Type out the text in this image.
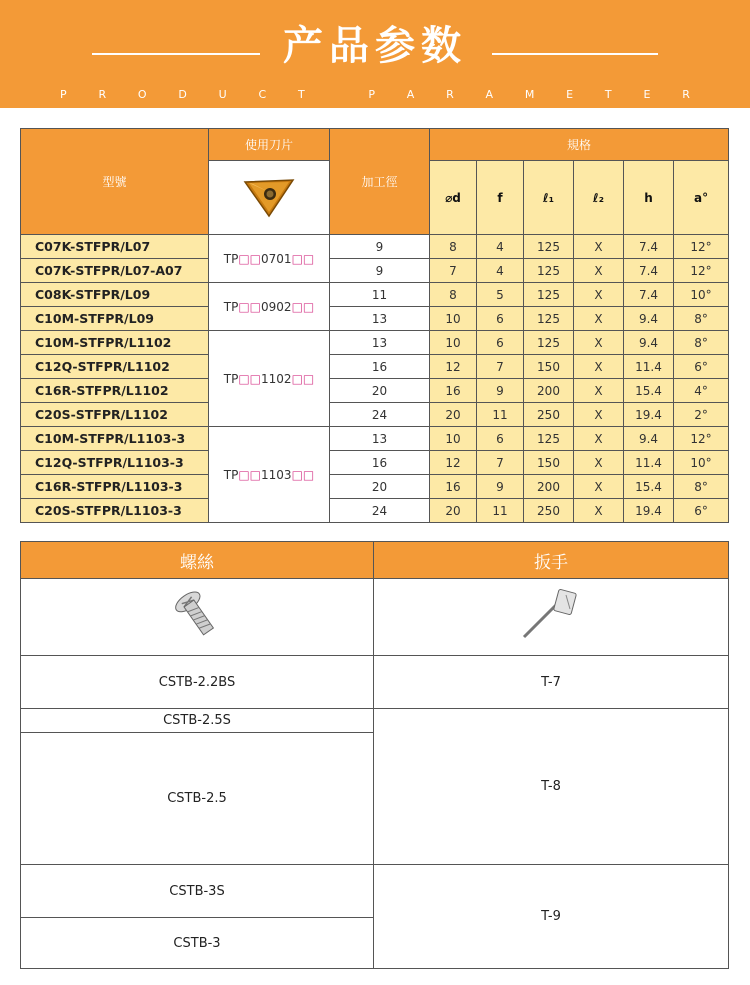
产品参数
P	R	O	D	U	C	T	P	A	R	A	M	E	T	E	R
型號	使用刀片	加工徑	規格					
	⌀d	f	ℓ₁	ℓ₂	h	a°
C07K-STFPR/L07	TP□□0701□□	9	8	4	125	X	7.4	12°
C07K-STFPR/L07-A07		9	7	4	125	X	7.4	12°
C08K-STFPR/L09	TP□□0902□□	11	8	5	125	X	7.4	10°
C10M-STFPR/L09		13	10	6	125	X	9.4	8°
C10M-STFPR/L1102	TP□□1102□□	13	10	6	125	X	9.4	8°
C12Q-STFPR/L1102		16	12	7	150	X	11.4	6°
C16R-STFPR/L1102		20	16	9	200	X	15.4	4°
C20S-STFPR/L1102		24	20	11	250	X	19.4	2°
C10M-STFPR/L1103-3	TP□□1103□□	13	10	6	125	X	9.4	12°
C12Q-STFPR/L1103-3		16	12	7	150	X	11.4	10°
C16R-STFPR/L1103-3		20	16	9	200	X	15.4	8°
C20S-STFPR/L1103-3		24	20	11	250	X	19.4	6°
螺絲	扳手

CSTB-2.2BS	T-7
CSTB-2.5S	T-8
CSTB-2.5	
CSTB-3S	T-9
CSTB-3	
